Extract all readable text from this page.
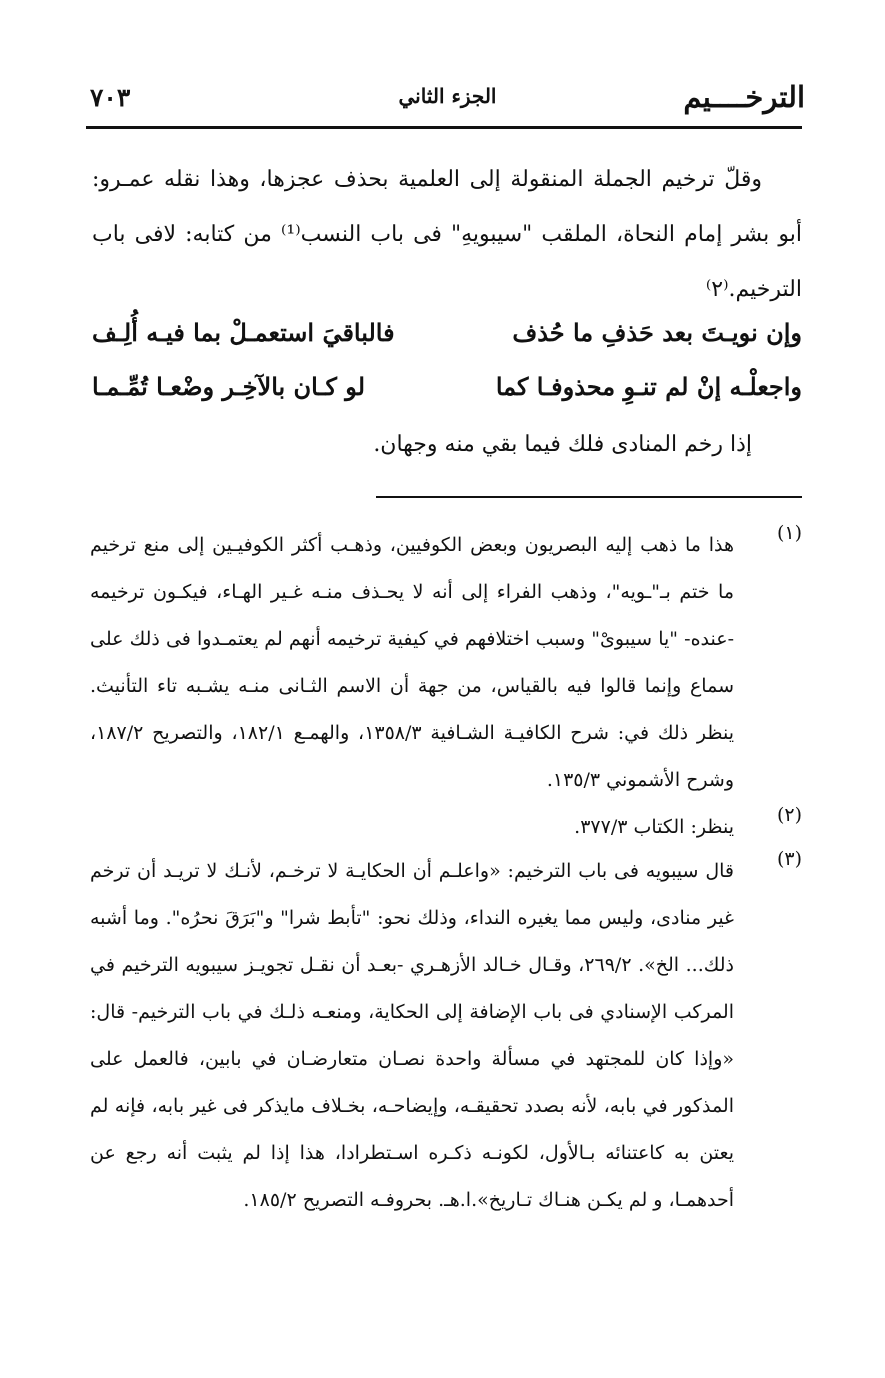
الترخــــيم
الجزء الثاني
٧٠٣

وقلّ ترخيم الجملة المنقولة إلى العلمية بحذف عجزها، وهذا نقله عمـرو: أبو بشر إمام النحاة، الملقب "سيبويهِ" فى باب النسب⁽¹⁾ من كتابه: لافى باب الترخيم.⁽٢⁾

وإن نويـتَ بعد حَذفِ ما حُذف
فالباقيَ استعمـلْ بما فيـه أُلِـف
واجعلْـه إنْ لم تنـوِ محذوفـا كما
لو كـان بالآخِـر وضْعـا تُمِّـمـا
إذا رخم المنادى فلك فيما بقي منه وجهان.
(١)
هذا ما ذهب إليه البصريون وبعض الكوفيين، وذهـب أكثر الكوفيـين إلى منع ترخيم ما ختم بـ"ـويه"، وذهب الفراء إلى أنه لا يحـذف منـه غـير الهـاء، فيكـون ترخيمه -عنده- "يا سيبوىْ" وسبب اختلافهم في كيفية ترخيمه أنهم لم يعتمـدوا فى ذلك على سماع وإنما قالوا فيه بالقياس، من جهة أن الاسم الثـانى منـه يشـبه تاء التأنيث. ينظر ذلك في: شرح الكافيـة الشـافية ١٣٥٨/٣، والهمـع ١٨٢/١، والتصريح ١٨٧/٢، وشرح الأشموني ١٣٥/٣.
(٢)
ينظر: الكتاب ٣٧٧/٣.
(٣)
قال سيبويه فى باب الترخيم: «واعلـم أن الحكايـة لا ترخـم، لأنـك لا تريـد أن ترخم غير منادى، وليس مما يغيره النداء، وذلك نحو: "تأبط شرا" و"بَرَقَ نحرُه". وما أشبه ذلك... الخ». ٢٦٩/٢، وقـال خـالد الأزهـري -بعـد أن نقـل تجويـز سيبويه الترخيم في المركب الإسنادي فى باب الإضافة إلى الحكاية، ومنعـه ذلـك في باب الترخيم- قال: «وإذا كان للمجتهد في مسألة واحدة نصـان متعارضـان في بابين، فالعمل على المذكور في بابه، لأنه بصدد تحقيقـه، وإيضاحـه، بخـلاف مايذكر فى غير بابه، فإنه لم يعتن به كاعتنائه بـالأول، لكونـه ذكـره اسـتطرادا، هذا إذا لم يثبت أنه رجع عن أحدهمـا، و لم يكـن هنـاك تـاريخ».ا.هـ. بحروفـه التصريح ١٨٥/٢.
